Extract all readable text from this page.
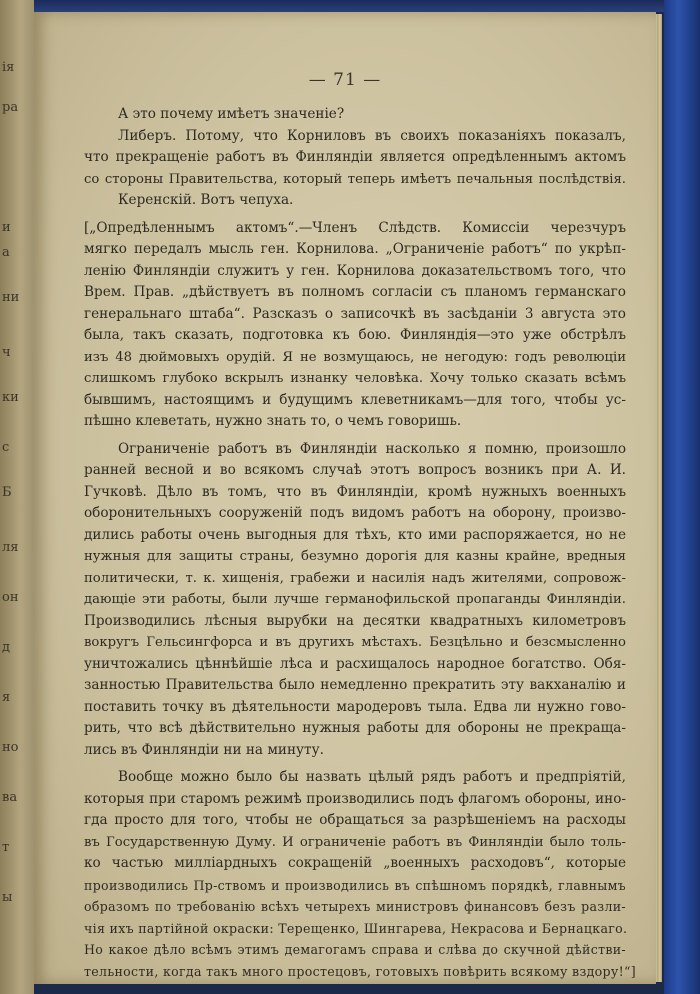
ія
ра
и
а
ни
ч
ки
с
Б
ля
он
д
я
но
ва
т
ы
— 71 —
А это почему имѣетъ значеніе?
Либеръ. Потому, что Корниловъ въ своихъ показаніяхъ показалъ,
что прекращеніе работъ въ Финляндіи является опредѣленнымъ актомъ
со стороны Правительства, который теперь имѣетъ печальныя послѣдствія.
Керенскій. Вотъ чепуха.
[„Опредѣленнымъ актомъ“.—Членъ Слѣдств. Комиссіи черезчуръ
мягко передалъ мысль ген. Корнилова. „Ограниченіе работъ“ по укрѣп-
ленію Финляндіи служитъ у ген. Корнилова доказательствомъ того, что
Врем. Прав. „дѣйствуетъ въ полномъ согласіи съ планомъ германскаго
генеральнаго штаба“. Разсказъ о записочкѣ въ засѣданіи 3 августа это
была, такъ сказать, подготовка къ бою. Финляндія—это уже обстрѣлъ
изъ 48 дюймовыхъ орудій. Я не возмущаюсь, не негодую: годъ революціи
слишкомъ глубоко вскрылъ изнанку человѣка. Хочу только сказать всѣмъ
бывшимъ, настоящимъ и будущимъ клеветникамъ—для того, чтобы ус-
пѣшно клеветать, нужно знать то, о чемъ говоришь.
Ограниченіе работъ въ Финляндіи насколько я помню, произошло
ранней весной и во всякомъ случаѣ этотъ вопросъ возникъ при А. И.
Гучковѣ. Дѣло въ томъ, что въ Финляндіи, кромѣ нужныхъ военныхъ
оборонительныхъ сооруженій подъ видомъ работъ на оборону, произво-
дились работы очень выгодныя для тѣхъ, кто ими распоряжается, но не
нужныя для защиты страны, безумно дорогія для казны крайне, вредныя
политически, т. к. хищенія, грабежи и насилія надъ жителями, сопровож-
дающіе эти работы, были лучше германофильской пропаганды Финляндіи.
Производились лѣсныя вырубки на десятки квадратныхъ километровъ
вокругъ Гельсингфорса и въ другихъ мѣстахъ. Безцѣльно и безсмысленно
уничтожались цѣннѣйшіе лѣса и расхищалось народное богатство. Обя-
занностью Правительства было немедленно прекратить эту вакханалію и
поставить точку въ дѣятельности мародеровъ тыла. Едва ли нужно гово-
рить, что всѣ дѣйствительно нужныя работы для обороны не прекраща-
лись въ Финляндіи ни на минуту.
Вообще можно было бы назвать цѣлый рядъ работъ и предпріятій,
которыя при старомъ режимѣ производились подъ флагомъ обороны, ино-
гда просто для того, чтобы не обращаться за разрѣшеніемъ на расходы
въ Государственную Думу. И ограниченіе работъ въ Финляндіи было толь-
ко частью миллiардныхъ сокращеній „военныхъ расходовъ“, которые
производились Пр-ствомъ и производились въ спѣшномъ порядкѣ, главнымъ
образомъ по требованію всѣхъ четырехъ министровъ финансовъ безъ разли-
чія ихъ партійной окраски: Терещенко, Шингарева, Некрасова и Бернацкаго.
Но какое дѣло всѣмъ этимъ демагогамъ справа и слѣва до скучной дѣйстви-
тельности, когда такъ много простецовъ, готовыхъ повѣрить всякому вздору!“]
